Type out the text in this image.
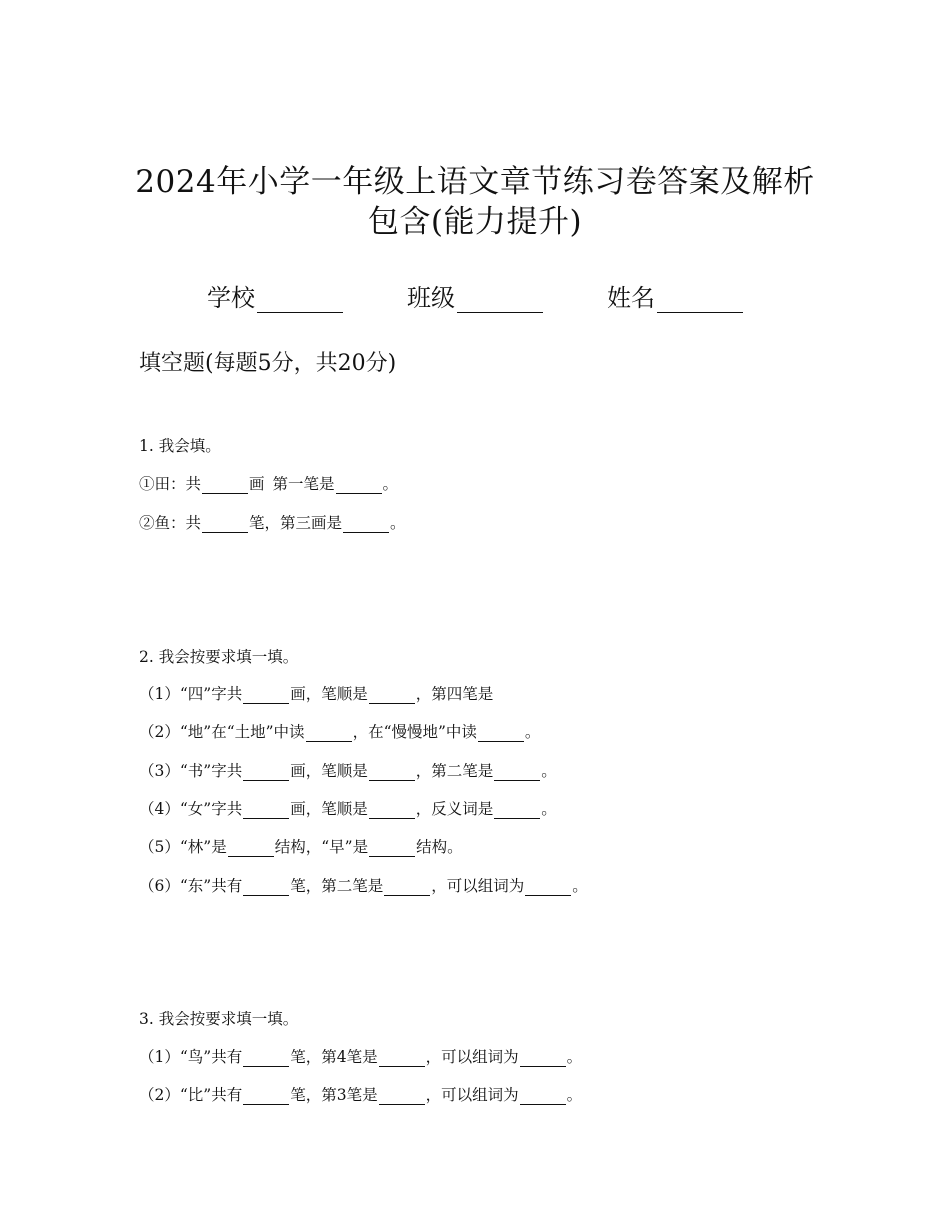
2024年小学一年级上语文章节练习卷答案及解析
包含(能力提升)
学校	班级	姓名
填空题(每题5分，共20分)
1. 我会填。
①田：共	画 第一笔是	。
②鱼：共	笔，第三画是	。
2. 我会按要求填一填。
（1）“四”字共	画，笔顺是	，第四笔是
（2）“地”在“土地”中读	，在“慢慢地”中读	。
（3）“书”字共	画，笔顺是	，第二笔是	。
（4）“女”字共	画，笔顺是	，反义词是	。
（5）“林”是	结构，“早”是	结构。
（6）“东”共有	笔，第二笔是	，可以组词为	。
3. 我会按要求填一填。
（1）“鸟”共有	笔，第4笔是	，可以组词为	。
（2）“比”共有	笔，第3笔是	，可以组词为	。
